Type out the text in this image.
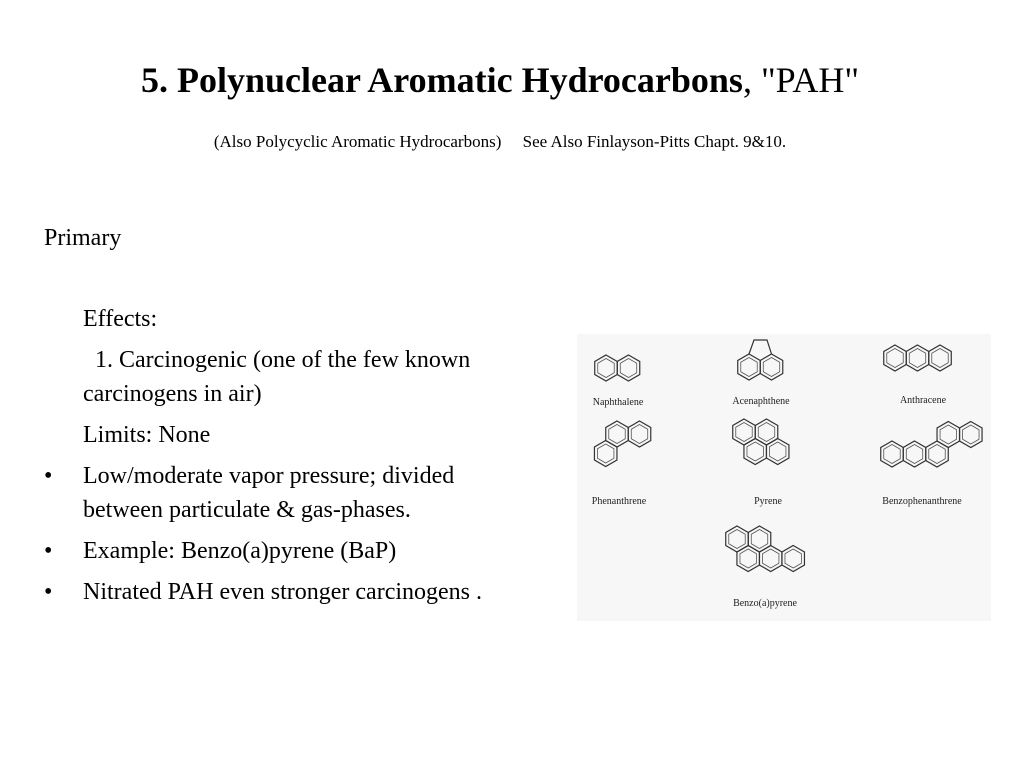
5. Polynuclear Aromatic Hydrocarbons, "PAH"
(Also Polycyclic Aromatic Hydrocarbons)     See Also Finlayson-Pitts Chapt. 9&10.
Primary
Effects:
1. Carcinogenic (one of the few known
carcinogens in air)
Limits: None
• Low/moderate vapor pressure; divided
between particulate & gas-phases.
• Example: Benzo(a)pyrene (BaP)
• Nitrated PAH even stronger carcinogens .
Naphthalene	Acenaphthene	Anthracene
Phenanthrene	Pyrene	Benzophenanthrene
Benzo(a)pyrene
